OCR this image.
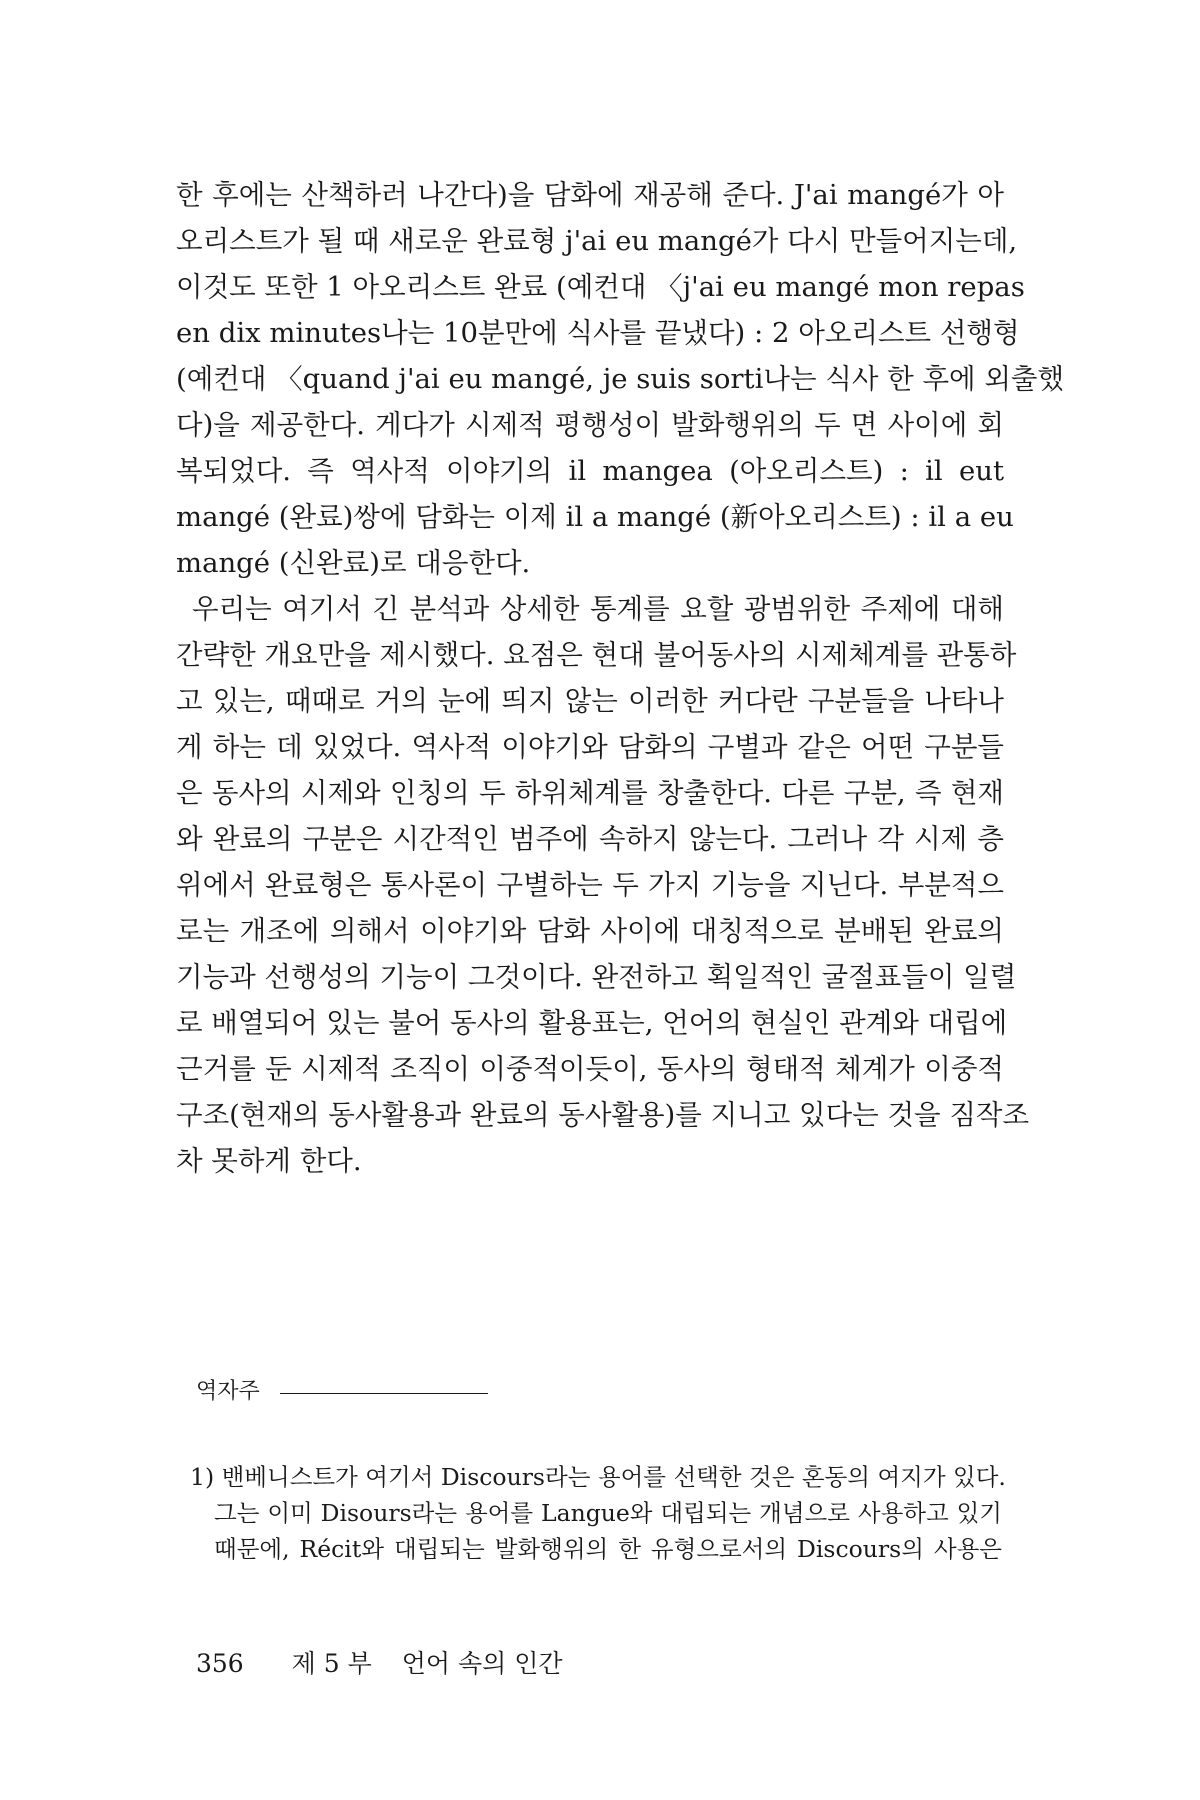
한 후에는 산책하러 나간다)을 담화에 재공해 준다. J'ai mangé가 아

오리스트가 될 때 새로운 완료형 j'ai eu mangé가 다시 만들어지는데,

이것도 또한 1 아오리스트 완료 (예컨대 〈j'ai eu mangé mon repas

en dix minutes나는 10분만에 식사를 끝냈다) : 2 아오리스트 선행형

(예컨대 〈quand j'ai eu mangé, je suis sorti나는 식사 한 후에 외출했

다)을 제공한다. 게다가 시제적 평행성이 발화행위의 두 면 사이에 회

복되었다. 즉 역사적 이야기의 il mangea (아오리스트) : il eut

mangé (완료)쌍에 담화는 이제 il a mangé (新아오리스트) : il a eu

mangé (신완료)로 대응한다.

우리는 여기서 긴 분석과 상세한 통계를 요할 광범위한 주제에 대해

간략한 개요만을 제시했다. 요점은 현대 불어동사의 시제체계를 관통하

고 있는, 때때로 거의 눈에 띄지 않는 이러한 커다란 구분들을 나타나

게 하는 데 있었다. 역사적 이야기와 담화의 구별과 같은 어떤 구분들

은 동사의 시제와 인칭의 두 하위체계를 창출한다. 다른 구분, 즉 현재

와 완료의 구분은 시간적인 범주에 속하지 않는다. 그러나 각 시제 층

위에서 완료형은 통사론이 구별하는 두 가지 기능을 지닌다. 부분적으

로는 개조에 의해서 이야기와 담화 사이에 대칭적으로 분배된 완료의

기능과 선행성의 기능이 그것이다. 완전하고 획일적인 굴절표들이 일렬

로 배열되어 있는 불어 동사의 활용표는, 언어의 현실인 관계와 대립에

근거를 둔 시제적 조직이 이중적이듯이, 동사의 형태적 체계가 이중적

구조(현재의 동사활용과 완료의 동사활용)를 지니고 있다는 것을 짐작조

차 못하게 한다.

역자주

1) 밴베니스트가 여기서 Discours라는 용어를 선택한 것은 혼동의 여지가 있다.

그는 이미 Disours라는 용어를 Langue와 대립되는 개념으로 사용하고 있기

때문에, Récit와 대립되는 발화행위의 한 유형으로서의 Discours의 사용은

356 제 5 부 언어 속의 인간
